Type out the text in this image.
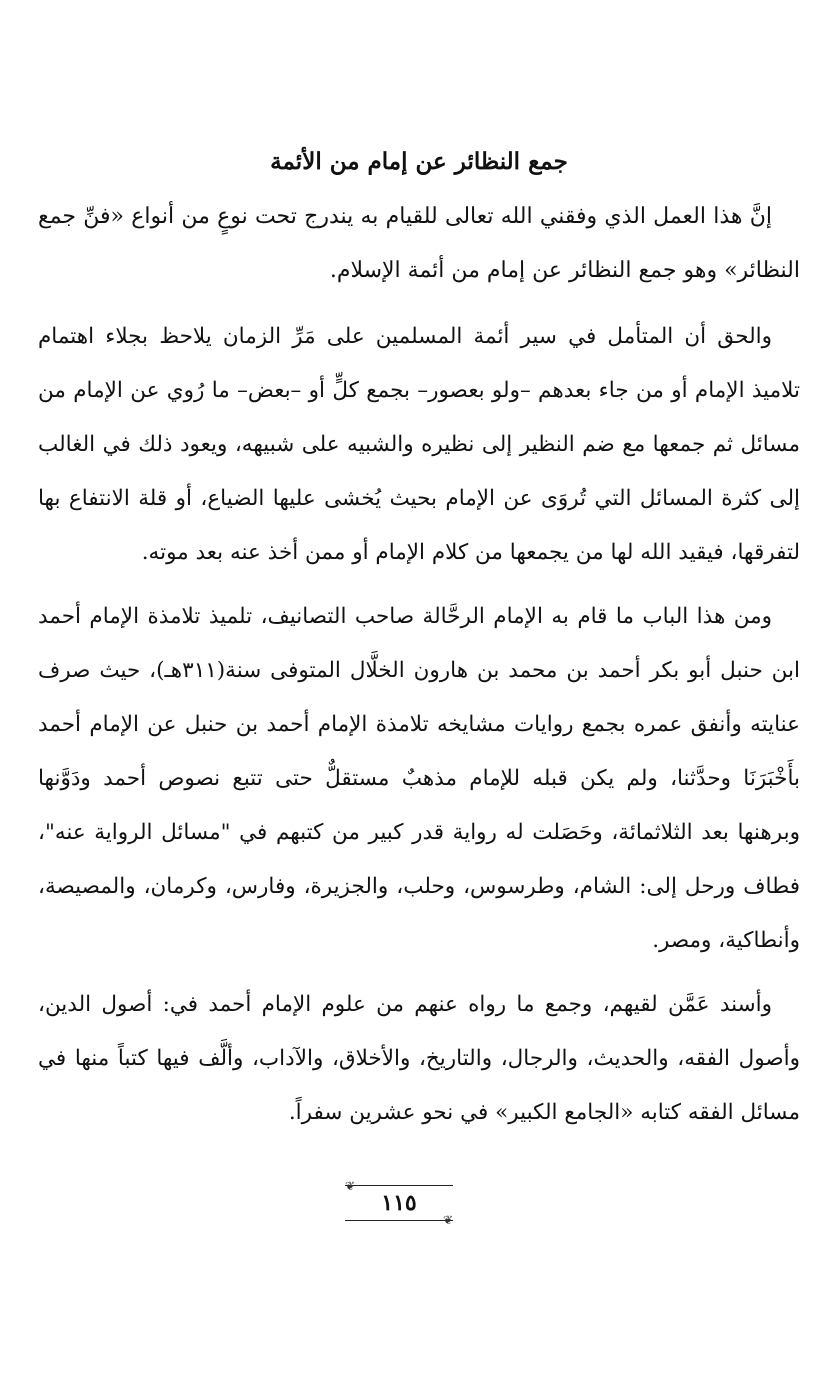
جمع النظائر عن إمام من الأئمة

إنَّ هذا العمل الذي وفقني الله تعالى للقيام به يندرج تحت نوعٍ من أنواع «فنِّ جمع النظائر» وهو جمع النظائر عن إمام من أئمة الإسلام.

والحق أن المتأمل في سير أئمة المسلمين على مَرِّ الزمان يلاحظ بجلاء اهتمام تلاميذ الإمام أو من جاء بعدهم –ولو بعصور– بجمع كلٍّ أو –بعض– ما رُوي عن الإمام من مسائل ثم جمعها مع ضم النظير إلى نظيره والشبيه على شبيهه، ويعود ذلك في الغالب إلى كثرة المسائل التي تُروَى عن الإمام بحيث يُخشى عليها الضياع، أو قلة الانتفاع بها لتفرقها، فيقيد الله لها من يجمعها من كلام الإمام أو ممن أخذ عنه بعد موته.

ومن هذا الباب ما قام به الإمام الرحَّالة صاحب التصانيف، تلميذ تلامذة الإمام أحمد ابن حنبل أبو بكر أحمد بن محمد بن هارون الخلَّال المتوفى سنة(٣١١هـ)، حيث صرف عنايته وأنفق عمره بجمع روايات مشايخه تلامذة الإمام أحمد بن حنبل عن الإمام أحمد بأَخْبَرَنَا وحدَّثنا، ولم يكن قبله للإمام مذهبٌ مستقلٌّ حتى تتبع نصوص أحمد ودَوَّنها وبرهنها بعد الثلاثمائة، وحَصَلت له رواية قدر كبير من كتبهم في "مسائل الرواية عنه"، فطاف ورحل إلى: الشام، وطرسوس، وحلب، والجزيرة، وفارس، وكرمان، والمصيصة، وأنطاكية، ومصر.

وأسند عَمَّن لقيهم، وجمع ما رواه عنهم من علوم الإمام أحمد في: أصول الدين، وأصول الفقه، والحديث، والرجال، والتاريخ، والأخلاق، والآداب، وألَّف فيها كتباً منها في مسائل الفقه كتابه «الجامع الكبير» في نحو عشرين سفراً.

❦
١١٥
❦
